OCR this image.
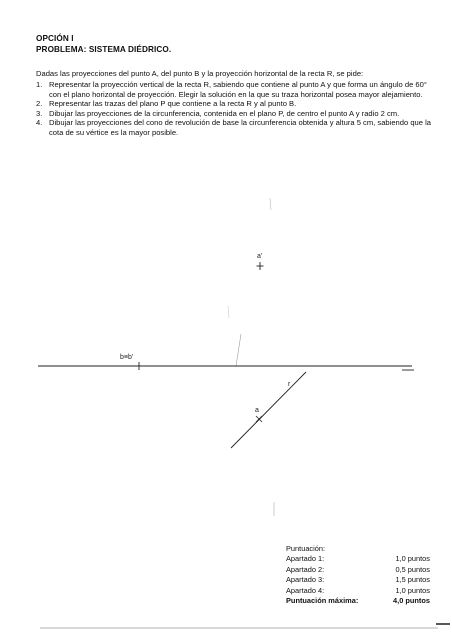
OPCIÓN I
PROBLEMA: SISTEMA DIÉDRICO.
Dadas las proyecciones del punto A, del punto B y la proyección horizontal de la recta R, se pide:
1. Representar la proyección vertical de la recta R, sabiendo que contiene al punto A y que forma un ángulo de 60° con el plano horizontal de proyección. Elegir la solución en la que su traza horizontal posea mayor alejamiento.
2. Representar las trazas del plano P que contiene a la recta R y al punto B.
3. Dibujar las proyecciones de la circunferencia, contenida en el plano P, de centro el punto A y radio 2 cm.
4. Dibujar las proyecciones del cono de revolución de base la circunferencia obtenida y altura 5 cm, sabiendo que la cota de su vértice es la mayor posible.
a'
b≡b'
r
a
Puntuación:
Apartado 1:	1,0 puntos
Apartado 2:	0,5 puntos
Apartado 3:	1,5 puntos
Apartado 4:	1,0 puntos
Puntuación máxima:	4,0 puntos
